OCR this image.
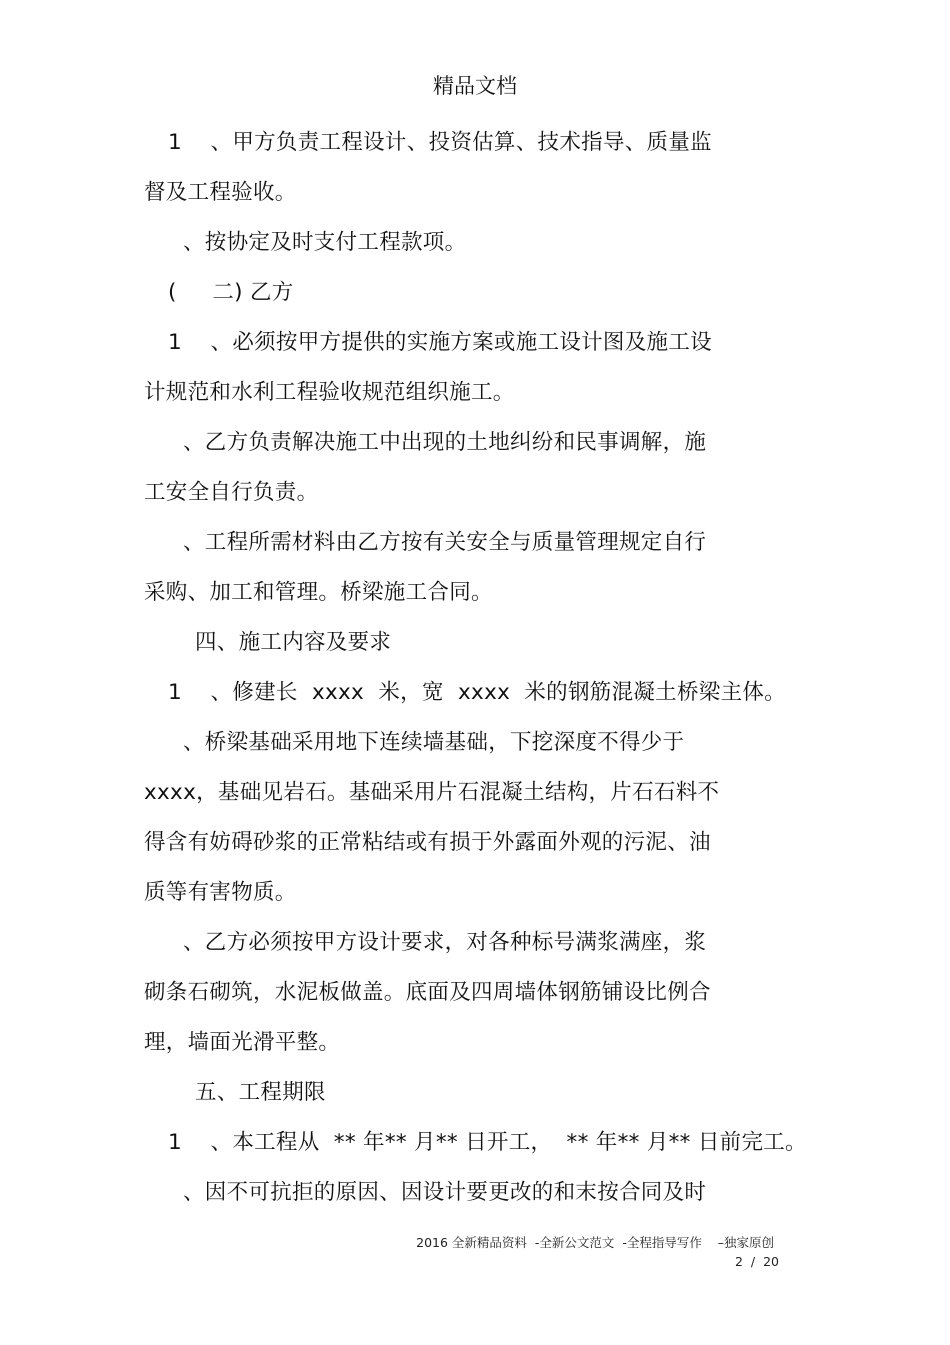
精品文档
1    、甲方负责工程设计、投资估算、技术指导、质量监
督及工程验收。
、按协定及时支付工程款项。
(     二) 乙方
1    、必须按甲方提供的实施方案或施工设计图及施工设
计规范和水利工程验收规范组织施工。
、乙方负责解决施工中出现的土地纠纷和民事调解，施
工安全自行负责。
、工程所需材料由乙方按有关安全与质量管理规定自行
采购、加工和管理。桥梁施工合同。
四、施工内容及要求
1    、修建长  xxxx  米，宽  xxxx  米的钢筋混凝土桥梁主体。
、桥梁基础采用地下连续墙基础，下挖深度不得少于
xxxx，基础见岩石。基础采用片石混凝土结构，片石石料不
得含有妨碍砂浆的正常粘结或有损于外露面外观的污泥、油
质等有害物质。
、乙方必须按甲方设计要求，对各种标号满浆满座，浆
砌条石砌筑，水泥板做盖。底面及四周墙体钢筋铺设比例合
理，墙面光滑平整。
五、工程期限
1    、本工程从  ** 年** 月** 日开工，  ** 年** 月** 日前完工。
、因不可抗拒的原因、因设计要更改的和末按合同及时
2016 全新精品资料  -全新公文范文  -全程指导写作    –独家原创
2  /  20
